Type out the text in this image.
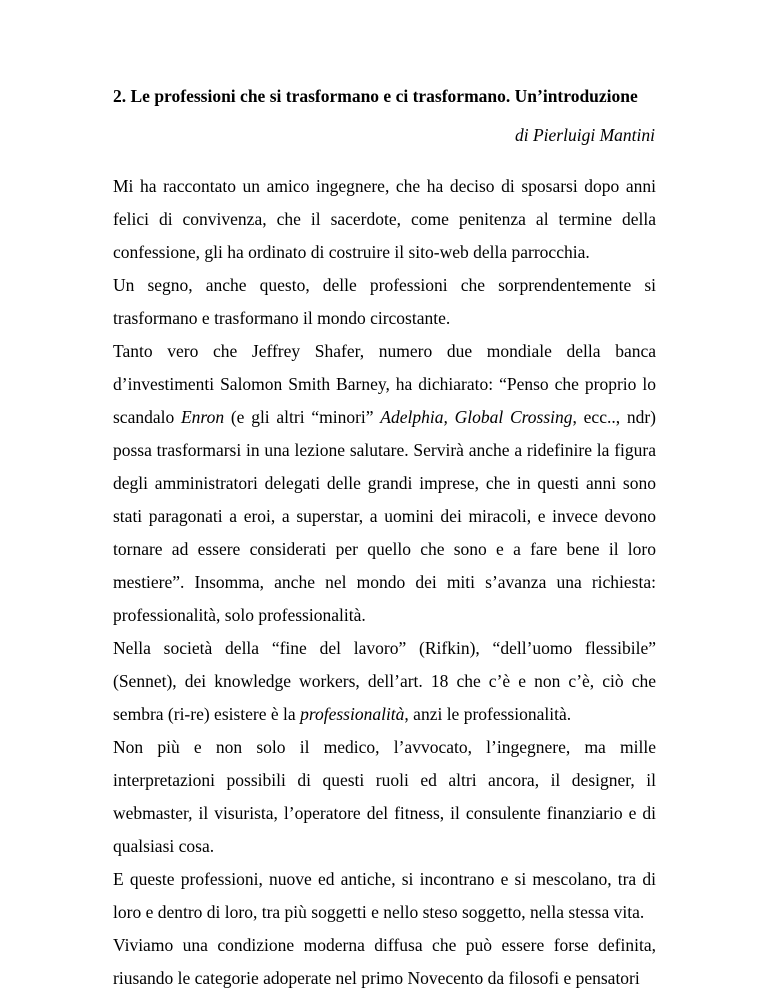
2. Le professioni che si trasformano e ci trasformano. Un’introduzione
di Pierluigi Mantini

Mi ha raccontato un amico ingegnere, che ha deciso di sposarsi dopo anni felici di convivenza, che il sacerdote, come penitenza al termine della confessione, gli ha ordinato di costruire il sito-web della parrocchia.

Un segno, anche questo, delle professioni che sorprendentemente si trasformano e trasformano il mondo circostante.

Tanto vero che Jeffrey Shafer, numero due mondiale della banca d’investimenti Salomon Smith Barney, ha dichiarato: “Penso che proprio lo scandalo Enron (e gli altri “minori” Adelphia, Global Crossing, ecc.., ndr) possa trasformarsi in una lezione salutare. Servirà anche a ridefinire la figura degli amministratori delegati delle grandi imprese, che in questi anni sono stati paragonati a eroi, a superstar, a uomini dei miracoli, e invece devono tornare ad essere considerati per quello che sono e a fare bene il loro mestiere”. Insomma, anche nel mondo dei miti s’avanza una richiesta: professionalità, solo professionalità.

Nella società della “fine del lavoro” (Rifkin), “dell’uomo flessibile” (Sennet), dei knowledge workers, dell’art. 18 che c’è e non c’è, ciò che sembra (ri-re) esistere è la professionalità, anzi le professionalità.

Non più e non solo il medico, l’avvocato, l’ingegnere, ma mille interpretazioni possibili di questi ruoli ed altri ancora, il designer, il webmaster, il visurista, l’operatore del fitness, il consulente finanziario e di qualsiasi cosa.

E queste professioni, nuove ed antiche, si incontrano e si mescolano, tra di loro e dentro di loro, tra più soggetti e nello steso soggetto, nella stessa vita.

Viviamo una condizione moderna diffusa che può essere forse definita, riusando le categorie adoperate nel primo Novecento da filosofi e pensatori
